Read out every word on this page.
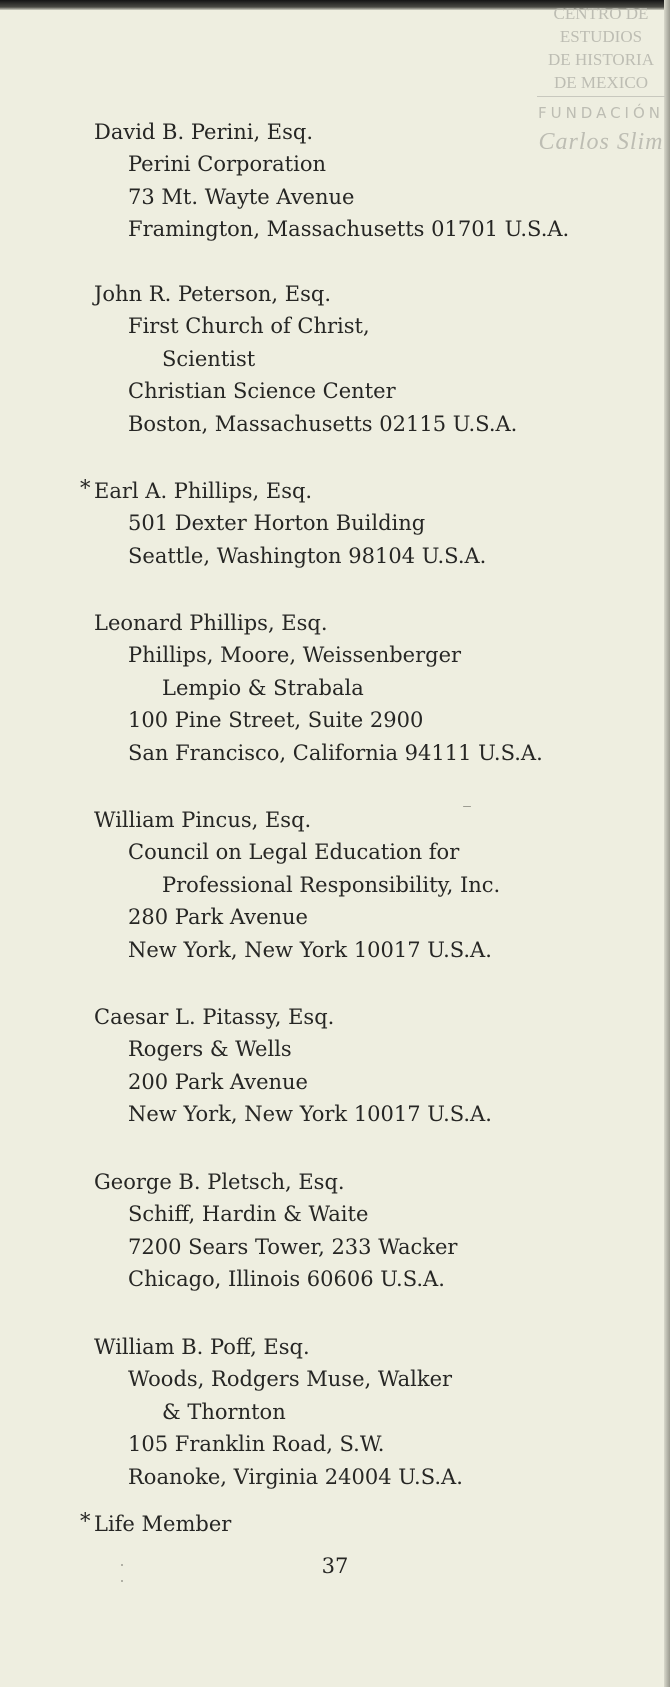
CENTRO DE
ESTUDIOS
DE HISTORIA
DE MEXICO
FUNDACIÓN
Carlos Slim
David B. Perini, Esq.
Perini Corporation
73 Mt. Wayte Avenue
Framington, Massachusetts 01701 U.S.A.
John R. Peterson, Esq.
First Church of Christ,
Scientist
Christian Science Center
Boston, Massachusetts 02115 U.S.A.
* Earl A. Phillips, Esq.
501 Dexter Horton Building
Seattle, Washington 98104 U.S.A.
Leonard Phillips, Esq.
Phillips, Moore, Weissenberger
Lempio & Strabala
100 Pine Street, Suite 2900
San Francisco, California 94111 U.S.A.
William Pincus, Esq.
Council on Legal Education for
Professional Responsibility, Inc.
280 Park Avenue
New York, New York 10017 U.S.A.
Caesar L. Pitassy, Esq.
Rogers & Wells
200 Park Avenue
New York, New York 10017 U.S.A.
George B. Pletsch, Esq.
Schiff, Hardin & Waite
7200 Sears Tower, 233 Wacker
Chicago, Illinois 60606 U.S.A.
William B. Poff, Esq.
Woods, Rodgers Muse, Walker
& Thornton
105 Franklin Road, S.W.
Roanoke, Virginia 24004 U.S.A.
* Life Member
37
